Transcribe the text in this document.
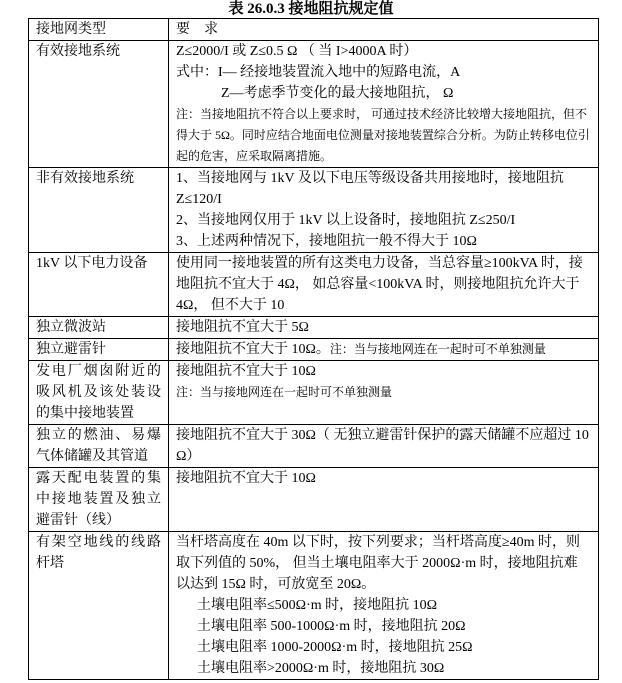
表 26.0.3 接地阻抗规定值
接地网类型	要　求
有效接地系统	Z≤2000/I 或 Z≤0.5 Ω （ 当 I>4000A 时）
式中：I— 经接地装置流入地中的短路电流，A
Z—考虑季节变化的最大接地阻抗， Ω
注：当接地阻抗不符合以上要求时， 可通过技术经济比较增大接地阻抗，但不得大于 5Ω。同时应结合地面电位测量对接地装置综合分析。为防止转移电位引起的危害，应采取隔离措施。

非有效接地系统	1、当接地网与 1kV 及以下电压等级设备共用接地时，接地阻抗 Z≤120/I
2、当接地网仅用于 1kV 以上设备时，接地阻抗 Z≤250/I
3、上述两种情况下，接地阻抗一般不得大于 10Ω

1kV 以下电力设备	使用同一接地装置的所有这类电力设备，当总容量≥100kVA 时，接地阻抗不宜大于 4Ω， 如总容量<100kVA 时，则接地阻抗允许大于 4Ω， 但不大于 10

独立微波站	接地阻抗不宜大于 5Ω

独立避雷针	接地阻抗不宜大于 10Ω。注：当与接地网连在一起时可不单独测量

发电厂烟囱附近的吸风机及该处装设的集中接地装置	接地阻抗不宜大于 10Ω
注：当与接地网连在一起时可不单独测量

独立的燃油、易爆气体储罐及其管道	接地阻抗不宜大于 30Ω（ 无独立避雷针保护的露天储罐不应超过 10 Ω）

露天配电装置的集中接地装置及独立避雷针（线）	接地阻抗不宜大于 10Ω

有架空地线的线路杆塔	当杆塔高度在 40m 以下时，按下列要求；当杆塔高度≥40m 时，则取下列值的 50%， 但当土壤电阻率大于 2000Ω·m 时，接地阻抗难以达到 15Ω 时，可放宽至 20Ω。
土壤电阻率≤500Ω·m 时，接地阻抗 10Ω
土壤电阻率 500-1000Ω·m 时，接地阻抗 20Ω
土壤电阻率 1000-2000Ω·m 时，接地阻抗 25Ω
土壤电阻率>2000Ω·m 时，接地阻抗 30Ω
